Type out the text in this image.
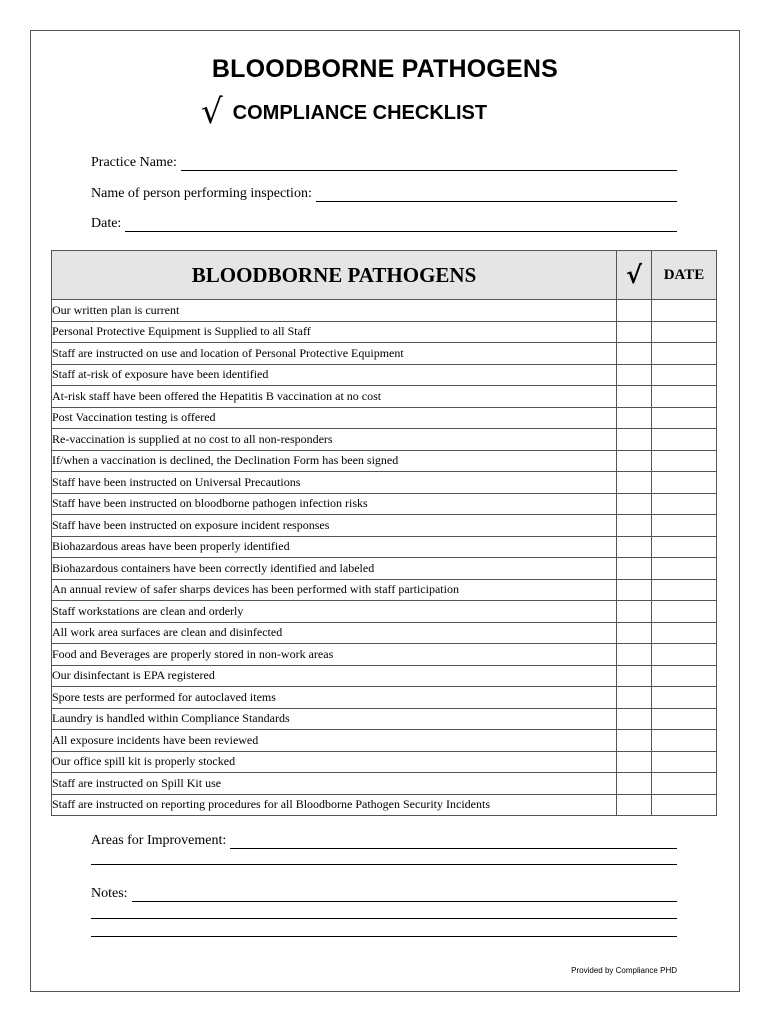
BLOODBORNE PATHOGENS
√ COMPLIANCE CHECKLIST
Practice Name:
Name of person performing inspection:
Date:
BLOODBORNE PATHOGENS	√	DATE
Our written plan is current		
Personal Protective Equipment is Supplied to all Staff		
Staff are instructed on use and location of Personal Protective Equipment		
Staff at-risk of exposure have been identified		
At-risk staff have been offered the Hepatitis B vaccination at no cost		
Post Vaccination testing is offered		
Re-vaccination is supplied at no cost to all non-responders		
If/when a vaccination is declined, the Declination Form has been signed		
Staff have been instructed on Universal Precautions		
Staff have been instructed on bloodborne pathogen infection risks		
Staff have been instructed on exposure incident responses		
Biohazardous areas have been properly identified		
Biohazardous containers have been correctly identified and labeled		
An annual review of safer sharps devices has been performed with staff participation		
Staff workstations are clean and orderly		
All work area surfaces are clean and disinfected		
Food and Beverages are properly stored in non-work areas		
Our disinfectant is EPA registered		
Spore tests are performed for autoclaved items		
Laundry is handled within Compliance Standards		
All exposure incidents have been reviewed		
Our office spill kit is properly stocked		
Staff are instructed on Spill Kit use		
Staff are instructed on reporting procedures for all Bloodborne Pathogen Security Incidents		
Areas for Improvement:
Notes:
Provided by Compliance PHD
